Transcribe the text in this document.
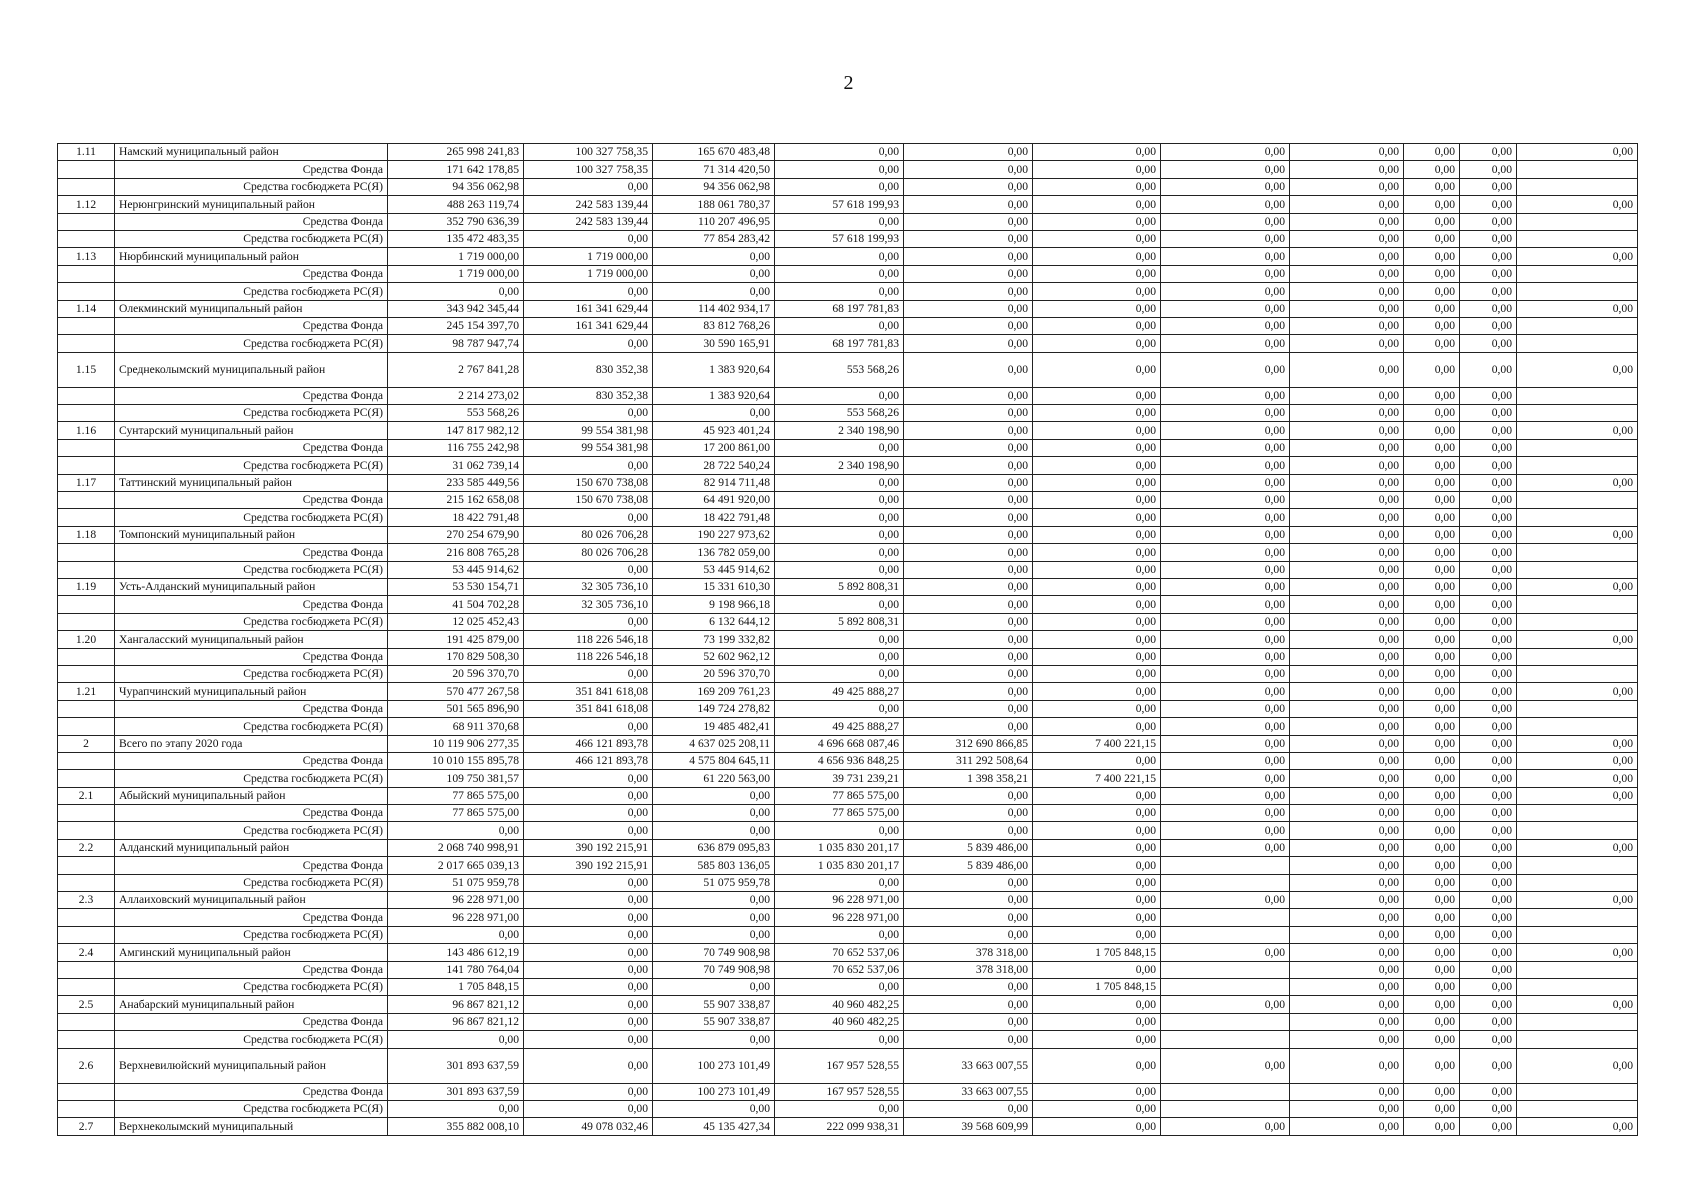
2
1.11	Намский муниципальный район	265 998 241,83	100 327 758,35	165 670 483,48	0,00	0,00	0,00	0,00	0,00	0,00	0,00	0,00
	Средства Фонда	171 642 178,85	100 327 758,35	71 314 420,50	0,00	0,00	0,00	0,00	0,00	0,00	0,00	
	Средства госбюджета РС(Я)	94 356 062,98	0,00	94 356 062,98	0,00	0,00	0,00	0,00	0,00	0,00	0,00	
1.12	Нерюнгринский муниципальный район	488 263 119,74	242 583 139,44	188 061 780,37	57 618 199,93	0,00	0,00	0,00	0,00	0,00	0,00	0,00
	Средства Фонда	352 790 636,39	242 583 139,44	110 207 496,95	0,00	0,00	0,00	0,00	0,00	0,00	0,00	
	Средства госбюджета РС(Я)	135 472 483,35	0,00	77 854 283,42	57 618 199,93	0,00	0,00	0,00	0,00	0,00	0,00	
1.13	Нюрбинский муниципальный район	1 719 000,00	1 719 000,00	0,00	0,00	0,00	0,00	0,00	0,00	0,00	0,00	0,00
	Средства Фонда	1 719 000,00	1 719 000,00	0,00	0,00	0,00	0,00	0,00	0,00	0,00	0,00	
	Средства госбюджета РС(Я)	0,00	0,00	0,00	0,00	0,00	0,00	0,00	0,00	0,00	0,00	
1.14	Олекминский муниципальный район	343 942 345,44	161 341 629,44	114 402 934,17	68 197 781,83	0,00	0,00	0,00	0,00	0,00	0,00	0,00
	Средства Фонда	245 154 397,70	161 341 629,44	83 812 768,26	0,00	0,00	0,00	0,00	0,00	0,00	0,00	
	Средства госбюджета РС(Я)	98 787 947,74	0,00	30 590 165,91	68 197 781,83	0,00	0,00	0,00	0,00	0,00	0,00	
1.15	Среднеколымский муниципальный район	2 767 841,28	830 352,38	1 383 920,64	553 568,26	0,00	0,00	0,00	0,00	0,00	0,00	0,00
	Средства Фонда	2 214 273,02	830 352,38	1 383 920,64	0,00	0,00	0,00	0,00	0,00	0,00	0,00	
	Средства госбюджета РС(Я)	553 568,26	0,00	0,00	553 568,26	0,00	0,00	0,00	0,00	0,00	0,00	
1.16	Сунтарский муниципальный район	147 817 982,12	99 554 381,98	45 923 401,24	2 340 198,90	0,00	0,00	0,00	0,00	0,00	0,00	0,00
	Средства Фонда	116 755 242,98	99 554 381,98	17 200 861,00	0,00	0,00	0,00	0,00	0,00	0,00	0,00	
	Средства госбюджета РС(Я)	31 062 739,14	0,00	28 722 540,24	2 340 198,90	0,00	0,00	0,00	0,00	0,00	0,00	
1.17	Таттинский муниципальный район	233 585 449,56	150 670 738,08	82 914 711,48	0,00	0,00	0,00	0,00	0,00	0,00	0,00	0,00
	Средства Фонда	215 162 658,08	150 670 738,08	64 491 920,00	0,00	0,00	0,00	0,00	0,00	0,00	0,00	
	Средства госбюджета РС(Я)	18 422 791,48	0,00	18 422 791,48	0,00	0,00	0,00	0,00	0,00	0,00	0,00	
1.18	Томпонский муниципальный район	270 254 679,90	80 026 706,28	190 227 973,62	0,00	0,00	0,00	0,00	0,00	0,00	0,00	0,00
	Средства Фонда	216 808 765,28	80 026 706,28	136 782 059,00	0,00	0,00	0,00	0,00	0,00	0,00	0,00	
	Средства госбюджета РС(Я)	53 445 914,62	0,00	53 445 914,62	0,00	0,00	0,00	0,00	0,00	0,00	0,00	
1.19	Усть-Алданский муниципальный район	53 530 154,71	32 305 736,10	15 331 610,30	5 892 808,31	0,00	0,00	0,00	0,00	0,00	0,00	0,00
	Средства Фонда	41 504 702,28	32 305 736,10	9 198 966,18	0,00	0,00	0,00	0,00	0,00	0,00	0,00	
	Средства госбюджета РС(Я)	12 025 452,43	0,00	6 132 644,12	5 892 808,31	0,00	0,00	0,00	0,00	0,00	0,00	
1.20	Хангаласский муниципальный район	191 425 879,00	118 226 546,18	73 199 332,82	0,00	0,00	0,00	0,00	0,00	0,00	0,00	0,00
	Средства Фонда	170 829 508,30	118 226 546,18	52 602 962,12	0,00	0,00	0,00	0,00	0,00	0,00	0,00	
	Средства госбюджета РС(Я)	20 596 370,70	0,00	20 596 370,70	0,00	0,00	0,00	0,00	0,00	0,00	0,00	
1.21	Чурапчинский муниципальный район	570 477 267,58	351 841 618,08	169 209 761,23	49 425 888,27	0,00	0,00	0,00	0,00	0,00	0,00	0,00
	Средства Фонда	501 565 896,90	351 841 618,08	149 724 278,82	0,00	0,00	0,00	0,00	0,00	0,00	0,00	
	Средства госбюджета РС(Я)	68 911 370,68	0,00	19 485 482,41	49 425 888,27	0,00	0,00	0,00	0,00	0,00	0,00	
2	Всего по этапу 2020 года	10 119 906 277,35	466 121 893,78	4 637 025 208,11	4 696 668 087,46	312 690 866,85	7 400 221,15	0,00	0,00	0,00	0,00	0,00
	Средства Фонда	10 010 155 895,78	466 121 893,78	4 575 804 645,11	4 656 936 848,25	311 292 508,64	0,00	0,00	0,00	0,00	0,00	0,00
	Средства госбюджета РС(Я)	109 750 381,57	0,00	61 220 563,00	39 731 239,21	1 398 358,21	7 400 221,15	0,00	0,00	0,00	0,00	0,00
2.1	Абыйский муниципальный район	77 865 575,00	0,00	0,00	77 865 575,00	0,00	0,00	0,00	0,00	0,00	0,00	0,00
	Средства Фонда	77 865 575,00	0,00	0,00	77 865 575,00	0,00	0,00	0,00	0,00	0,00	0,00	
	Средства госбюджета РС(Я)	0,00	0,00	0,00	0,00	0,00	0,00	0,00	0,00	0,00	0,00	
2.2	Алданский муниципальный район	2 068 740 998,91	390 192 215,91	636 879 095,83	1 035 830 201,17	5 839 486,00	0,00	0,00	0,00	0,00	0,00	0,00
	Средства Фонда	2 017 665 039,13	390 192 215,91	585 803 136,05	1 035 830 201,17	5 839 486,00	0,00		0,00	0,00	0,00	
	Средства госбюджета РС(Я)	51 075 959,78	0,00	51 075 959,78	0,00	0,00	0,00		0,00	0,00	0,00	
2.3	Аллаиховский муниципальный район	96 228 971,00	0,00	0,00	96 228 971,00	0,00	0,00	0,00	0,00	0,00	0,00	0,00
	Средства Фонда	96 228 971,00	0,00	0,00	96 228 971,00	0,00	0,00		0,00	0,00	0,00	
	Средства госбюджета РС(Я)	0,00	0,00	0,00	0,00	0,00	0,00		0,00	0,00	0,00	
2.4	Амгинский муниципальный район	143 486 612,19	0,00	70 749 908,98	70 652 537,06	378 318,00	1 705 848,15	0,00	0,00	0,00	0,00	0,00
	Средства Фонда	141 780 764,04	0,00	70 749 908,98	70 652 537,06	378 318,00	0,00		0,00	0,00	0,00	
	Средства госбюджета РС(Я)	1 705 848,15	0,00	0,00	0,00	0,00	1 705 848,15		0,00	0,00	0,00	
2.5	Анабарский муниципальный район	96 867 821,12	0,00	55 907 338,87	40 960 482,25	0,00	0,00	0,00	0,00	0,00	0,00	0,00
	Средства Фонда	96 867 821,12	0,00	55 907 338,87	40 960 482,25	0,00	0,00		0,00	0,00	0,00	
	Средства госбюджета РС(Я)	0,00	0,00	0,00	0,00	0,00	0,00		0,00	0,00	0,00	
2.6	Верхневилюйский муниципальный район	301 893 637,59	0,00	100 273 101,49	167 957 528,55	33 663 007,55	0,00	0,00	0,00	0,00	0,00	0,00
	Средства Фонда	301 893 637,59	0,00	100 273 101,49	167 957 528,55	33 663 007,55	0,00		0,00	0,00	0,00	
	Средства госбюджета РС(Я)	0,00	0,00	0,00	0,00	0,00	0,00		0,00	0,00	0,00	
2.7	Верхнеколымский муниципальный	355 882 008,10	49 078 032,46	45 135 427,34	222 099 938,31	39 568 609,99	0,00	0,00	0,00	0,00	0,00	0,00
